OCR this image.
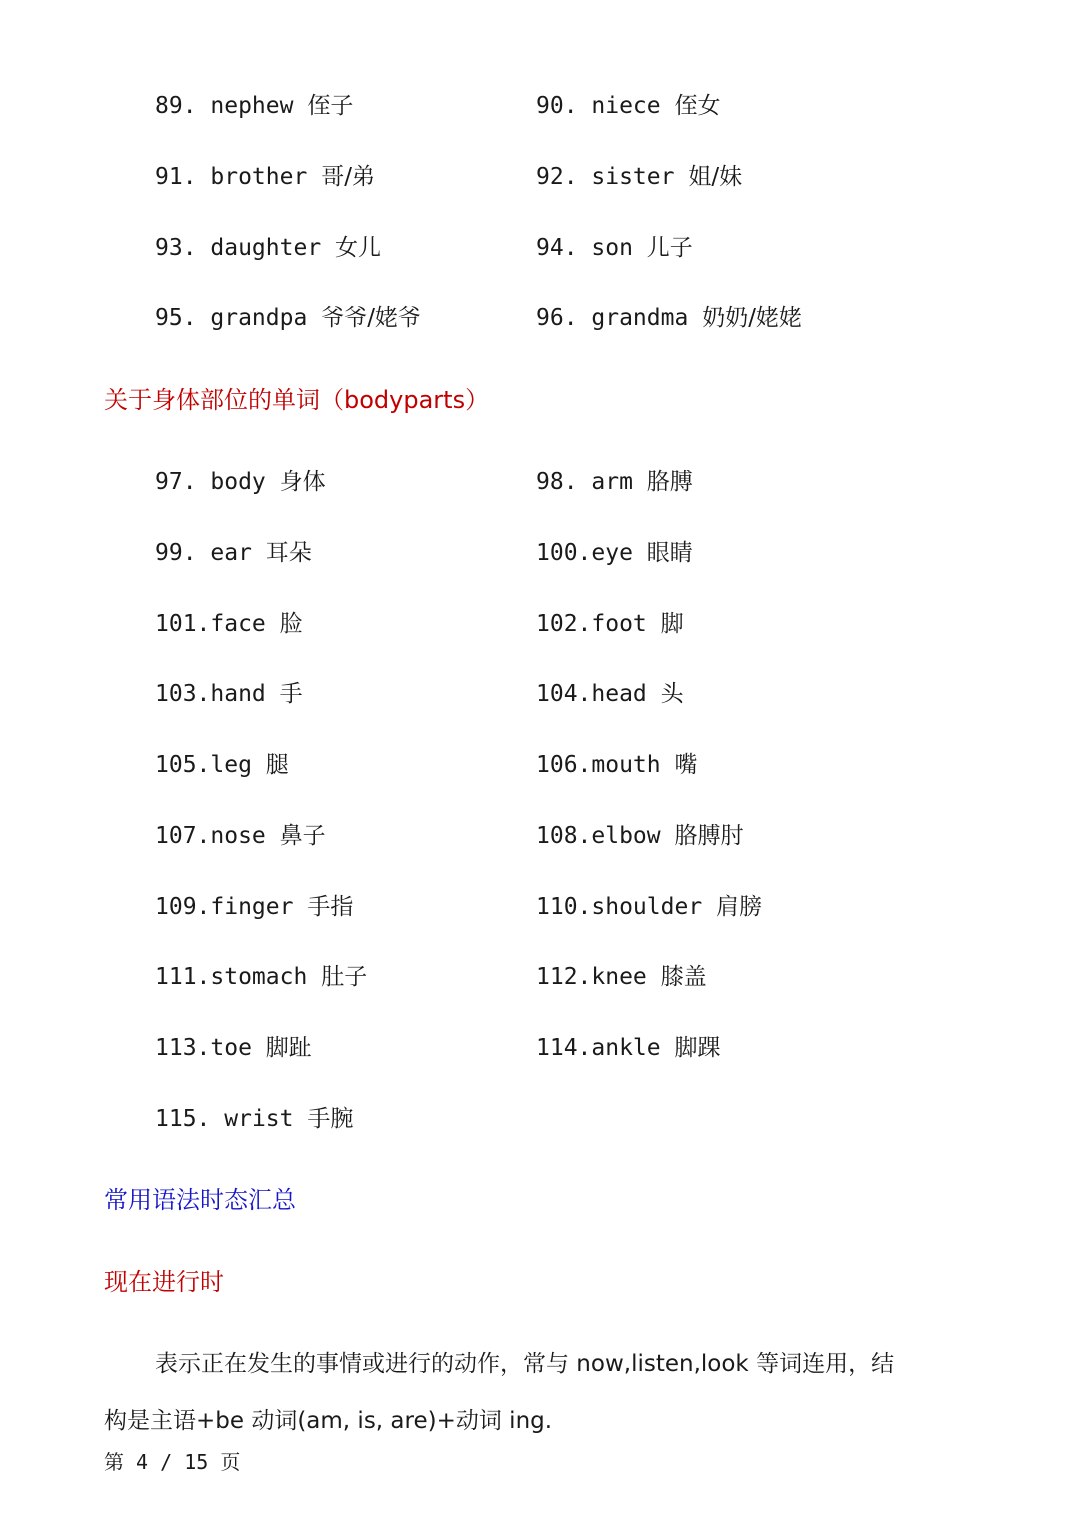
89. nephew 侄子	90. niece 侄女
91. brother 哥/弟	92. sister 姐/妹
93. daughter 女儿	94. son 儿子
95. grandpa 爷爷/姥爷	96. grandma 奶奶/姥姥
关于身体部位的单词（bodyparts）
97. body 身体	98. arm 胳膊
99. ear 耳朵	100.eye 眼睛
101.face 脸	102.foot 脚
103.hand 手	104.head 头
105.leg 腿	106.mouth 嘴
107.nose 鼻子	108.elbow 胳膊肘
109.finger 手指	110.shoulder 肩膀
111.stomach 肚子	112.knee 膝盖
113.toe 脚趾	114.ankle 脚踝
115. wrist 手腕
常用语法时态汇总
现在进行时
表示正在发生的事情或进行的动作，常与 now,listen,look 等词连用，结
构是主语+be 动词(am, is, are)+动词 ing.
第 4 / 15 页
